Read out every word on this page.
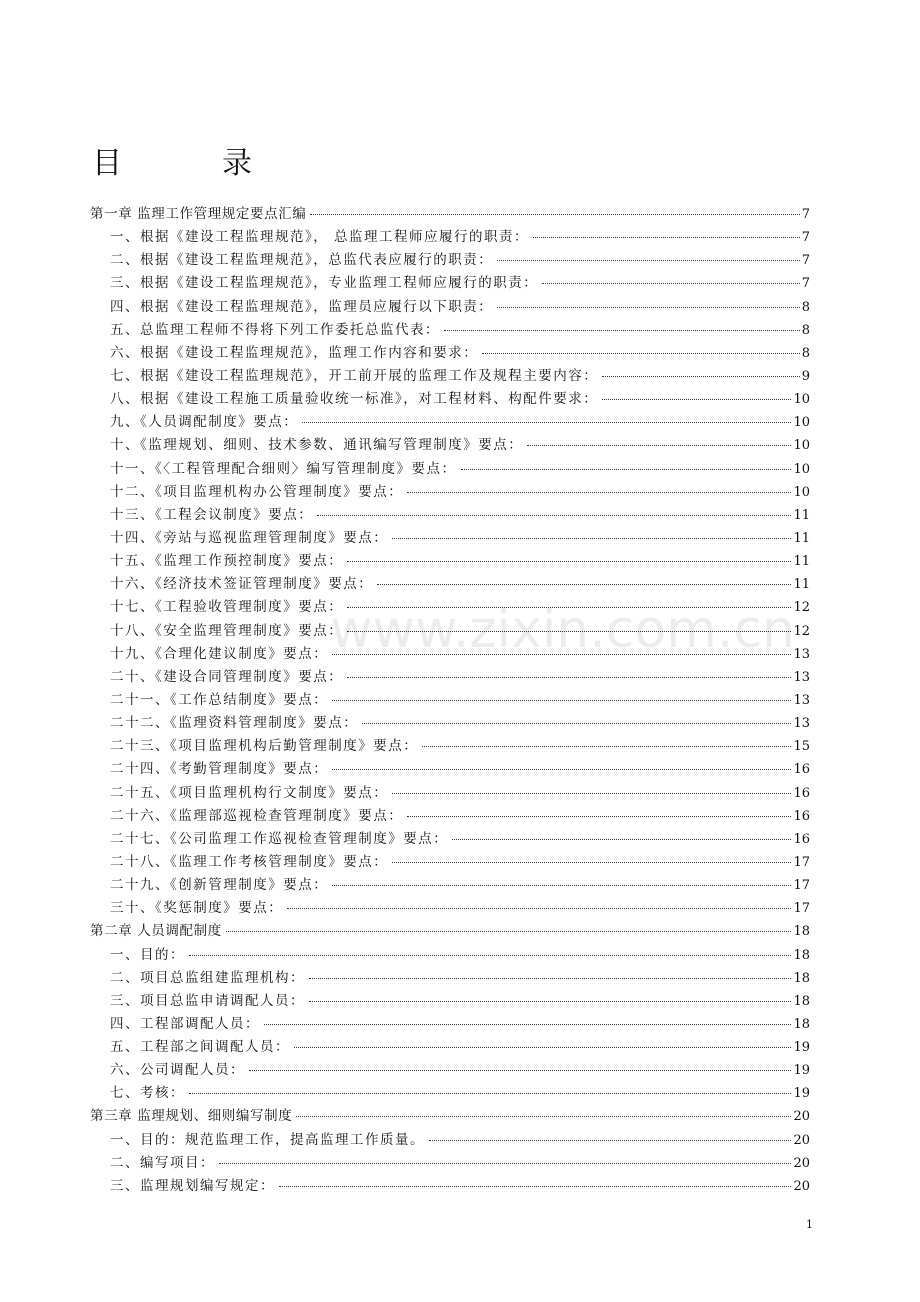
目	录
www.zixin.com.cn
第一章 监理工作管理规定要点汇编	7
一、根据《建设工程监理规范》， 总监理工程师应履行的职责：	7
二、根据《建设工程监理规范》，总监代表应履行的职责：	7
三、根据《建设工程监理规范》，专业监理工程师应履行的职责：	7
四、根据《建设工程监理规范》，监理员应履行以下职责：	8
五、总监理工程师不得将下列工作委托总监代表：	8
六、根据《建设工程监理规范》，监理工作内容和要求：	8
七、根据《建设工程监理规范》，开工前开展的监理工作及规程主要内容：	9
八、根据《建设工程施工质量验收统一标准》，对工程材料、构配件要求：	10
九、《人员调配制度》要点：	10
十、《监理规划、细则、技术参数、通讯编写管理制度》要点：	10
十一、《〈工程管理配合细则〉编写管理制度》要点：	10
十二、《项目监理机构办公管理制度》要点：	10
十三、《工程会议制度》要点：	11
十四、《旁站与巡视监理管理制度》要点：	11
十五、《监理工作预控制度》要点：	11
十六、《经济技术签证管理制度》要点：	11
十七、《工程验收管理制度》要点：	12
十八、《安全监理管理制度》要点：	12
十九、《合理化建议制度》要点：	13
二十、《建设合同管理制度》要点：	13
二十一、《工作总结制度》要点：	13
二十二、《监理资料管理制度》要点：	13
二十三、《项目监理机构后勤管理制度》要点：	15
二十四、《考勤管理制度》要点：	16
二十五、《项目监理机构行文制度》要点：	16
二十六、《监理部巡视检查管理制度》要点：	16
二十七、《公司监理工作巡视检查管理制度》要点：	16
二十八、《监理工作考核管理制度》要点：	17
二十九、《创新管理制度》要点：	17
三十、《奖惩制度》要点：	17
第二章 人员调配制度	18
一、目的：	18
二、项目总监组建监理机构：	18
三、项目总监申请调配人员：	18
四、工程部调配人员：	18
五、工程部之间调配人员：	19
六、公司调配人员：	19
七、考核：	19
第三章 监理规划、细则编写制度	20
一、目的：规范监理工作，提高监理工作质量。	20
二、编写项目：	20
三、监理规划编写规定：	20
1
